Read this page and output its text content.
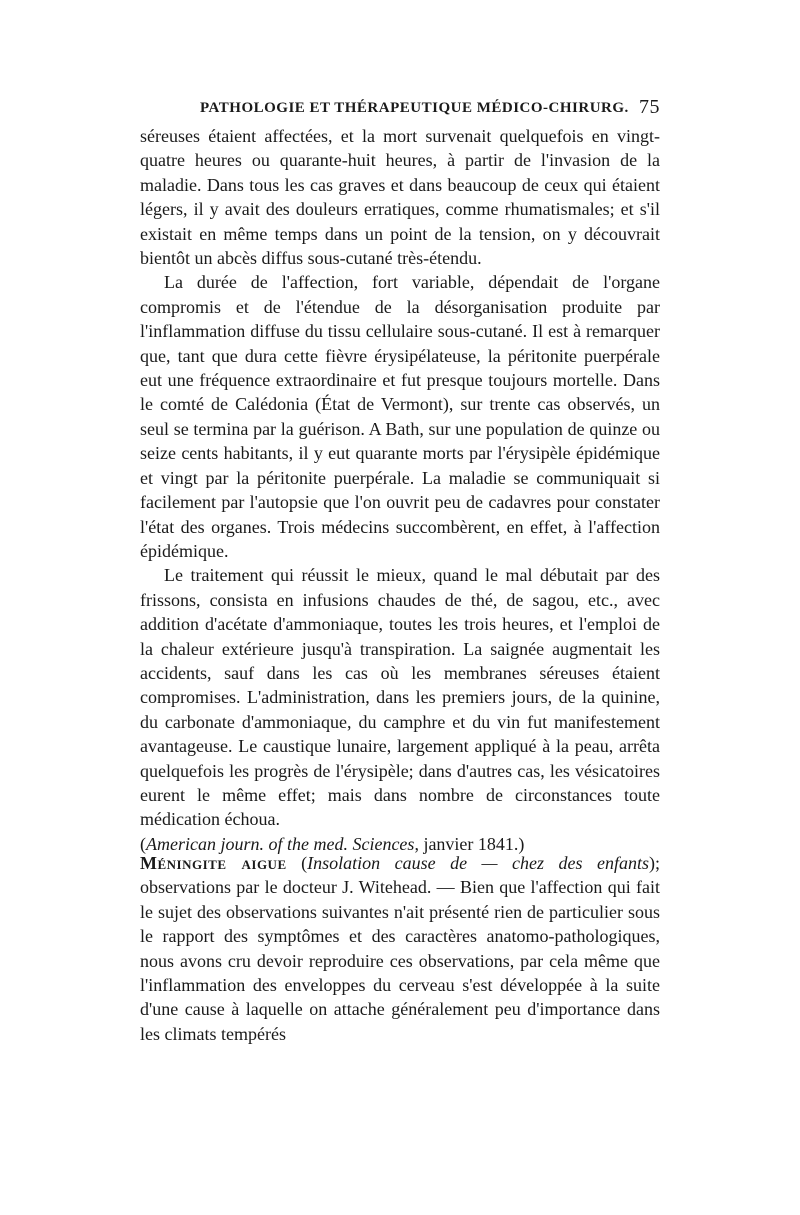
PATHOLOGIE ET THÉRAPEUTIQUE MÉDICO-CHIRURG. 75

séreuses étaient affectées, et la mort survenait quelquefois en vingt-quatre heures ou quarante-huit heures, à partir de l'invasion de la maladie. Dans tous les cas graves et dans beaucoup de ceux qui étaient légers, il y avait des douleurs erratiques, comme rhumatismales; et s'il existait en même temps dans un point de la tension, on y découvrait bientôt un abcès diffus sous-cutané très-étendu.

La durée de l'affection, fort variable, dépendait de l'organe compromis et de l'étendue de la désorganisation produite par l'inflammation diffuse du tissu cellulaire sous-cutané. Il est à remarquer que, tant que dura cette fièvre érysipélateuse, la péritonite puerpérale eut une fréquence extraordinaire et fut presque toujours mortelle. Dans le comté de Calédonia (État de Vermont), sur trente cas observés, un seul se termina par la guérison. A Bath, sur une population de quinze ou seize cents habitants, il y eut quarante morts par l'érysipèle épidémique et vingt par la péritonite puerpérale. La maladie se communiquait si facilement par l'autopsie que l'on ouvrit peu de cadavres pour constater l'état des organes. Trois médecins succombèrent, en effet, à l'affection épidémique.

Le traitement qui réussit le mieux, quand le mal débutait par des frissons, consista en infusions chaudes de thé, de sagou, etc., avec addition d'acétate d'ammoniaque, toutes les trois heures, et l'emploi de la chaleur extérieure jusqu'à transpiration. La saignée augmentait les accidents, sauf dans les cas où les membranes séreuses étaient compromises. L'administration, dans les premiers jours, de la quinine, du carbonate d'ammoniaque, du camphre et du vin fut manifestement avantageuse. Le caustique lunaire, largement appliqué à la peau, arrêta quelquefois les progrès de l'érysipèle; dans d'autres cas, les vésicatoires eurent le même effet; mais dans nombre de circonstances toute médication échoua.
(American journ. of the med. Sciences, janvier 1841.)

Méningite aigue (Insolation cause de — chez des enfants); observations par le docteur J. Witehead. — Bien que l'affection qui fait le sujet des observations suivantes n'ait présenté rien de particulier sous le rapport des symptômes et des caractères anatomo-pathologiques, nous avons cru devoir reproduire ces observations, par cela même que l'inflammation des enveloppes du cerveau s'est développée à la suite d'une cause à laquelle on attache généralement peu d'importance dans les climats tempérés
